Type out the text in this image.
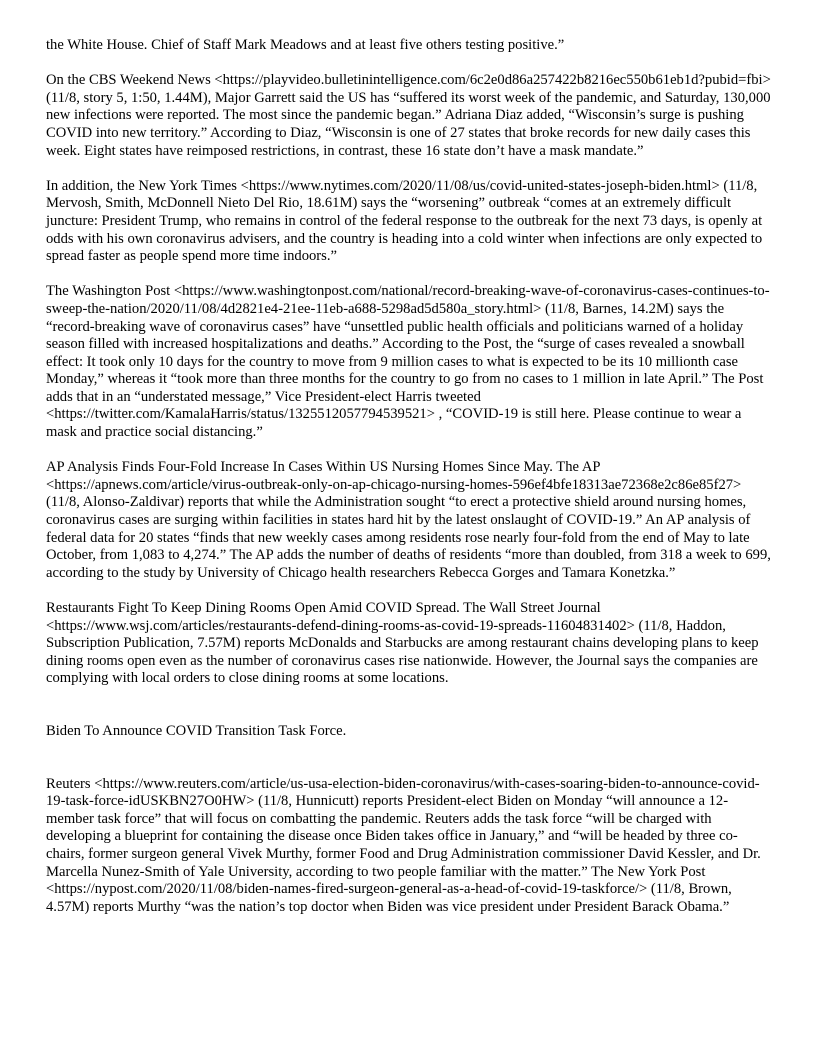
the White House. Chief of Staff Mark Meadows and at least five others testing positive.”

On the CBS Weekend News <https://playvideo.bulletinintelligence.com/6c2e0d86a257422b8216ec550b61eb1d?pubid=fbi> (11/8, story 5, 1:50, 1.44M), Major Garrett said the US has “suffered its worst week of the pandemic, and Saturday, 130,000 new infections were reported. The most since the pandemic began.” Adriana Diaz added, “Wisconsin’s surge is pushing COVID into new territory.” According to Diaz, “Wisconsin is one of 27 states that broke records for new daily cases this week. Eight states have reimposed restrictions, in contrast, these 16 state don’t have a mask mandate.”

In addition, the New York Times <https://www.nytimes.com/2020/11/08/us/covid-united-states-joseph-biden.html> (11/8, Mervosh, Smith, McDonnell Nieto Del Rio, 18.61M) says the “worsening” outbreak “comes at an extremely difficult juncture: President Trump, who remains in control of the federal response to the outbreak for the next 73 days, is openly at odds with his own coronavirus advisers, and the country is heading into a cold winter when infections are only expected to spread faster as people spend more time indoors.”

The Washington Post <https://www.washingtonpost.com/national/record-breaking-wave-of-coronavirus-cases-continues-to-sweep-the-nation/2020/11/08/4d2821e4-21ee-11eb-a688-5298ad5d580a_story.html> (11/8, Barnes, 14.2M) says the “record-breaking wave of coronavirus cases” have “unsettled public health officials and politicians warned of a holiday season filled with increased hospitalizations and deaths.” According to the Post, the “surge of cases revealed a snowball effect: It took only 10 days for the country to move from 9 million cases to what is expected to be its 10 millionth case Monday,” whereas it “took more than three months for the country to go from no cases to 1 million in late April.” The Post adds that in an “understated message,” Vice President-elect Harris tweeted <https://twitter.com/KamalaHarris/status/1325512057794539521> , “COVID-19 is still here. Please continue to wear a mask and practice social distancing.”

AP Analysis Finds Four-Fold Increase In Cases Within US Nursing Homes Since May. The AP <https://apnews.com/article/virus-outbreak-only-on-ap-chicago-nursing-homes-596ef4bfe18313ae72368e2c86e85f27> (11/8, Alonso-Zaldivar) reports that while the Administration sought “to erect a protective shield around nursing homes, coronavirus cases are surging within facilities in states hard hit by the latest onslaught of COVID-19.” An AP analysis of federal data for 20 states “finds that new weekly cases among residents rose nearly four-fold from the end of May to late October, from 1,083 to 4,274.” The AP adds the number of deaths of residents “more than doubled, from 318 a week to 699, according to the study by University of Chicago health researchers Rebecca Gorges and Tamara Konetzka.”

Restaurants Fight To Keep Dining Rooms Open Amid COVID Spread. The Wall Street Journal <https://www.wsj.com/articles/restaurants-defend-dining-rooms-as-covid-19-spreads-11604831402> (11/8, Haddon, Subscription Publication, 7.57M) reports McDonalds and Starbucks are among restaurant chains developing plans to keep dining rooms open even as the number of coronavirus cases rise nationwide. However, the Journal says the companies are complying with local orders to close dining rooms at some locations.

Biden To Announce COVID Transition Task Force.

Reuters <https://www.reuters.com/article/us-usa-election-biden-coronavirus/with-cases-soaring-biden-to-announce-covid-19-task-force-idUSKBN27O0HW> (11/8, Hunnicutt) reports President-elect Biden on Monday “will announce a 12-member task force” that will focus on combatting the pandemic. Reuters adds the task force “will be charged with developing a blueprint for containing the disease once Biden takes office in January,” and “will be headed by three co-chairs, former surgeon general Vivek Murthy, former Food and Drug Administration commissioner David Kessler, and Dr. Marcella Nunez-Smith of Yale University, according to two people familiar with the matter.” The New York Post <https://nypost.com/2020/11/08/biden-names-fired-surgeon-general-as-a-head-of-covid-19-taskforce/> (11/8, Brown, 4.57M) reports Murthy “was the nation’s top doctor when Biden was vice president under President Barack Obama.”
